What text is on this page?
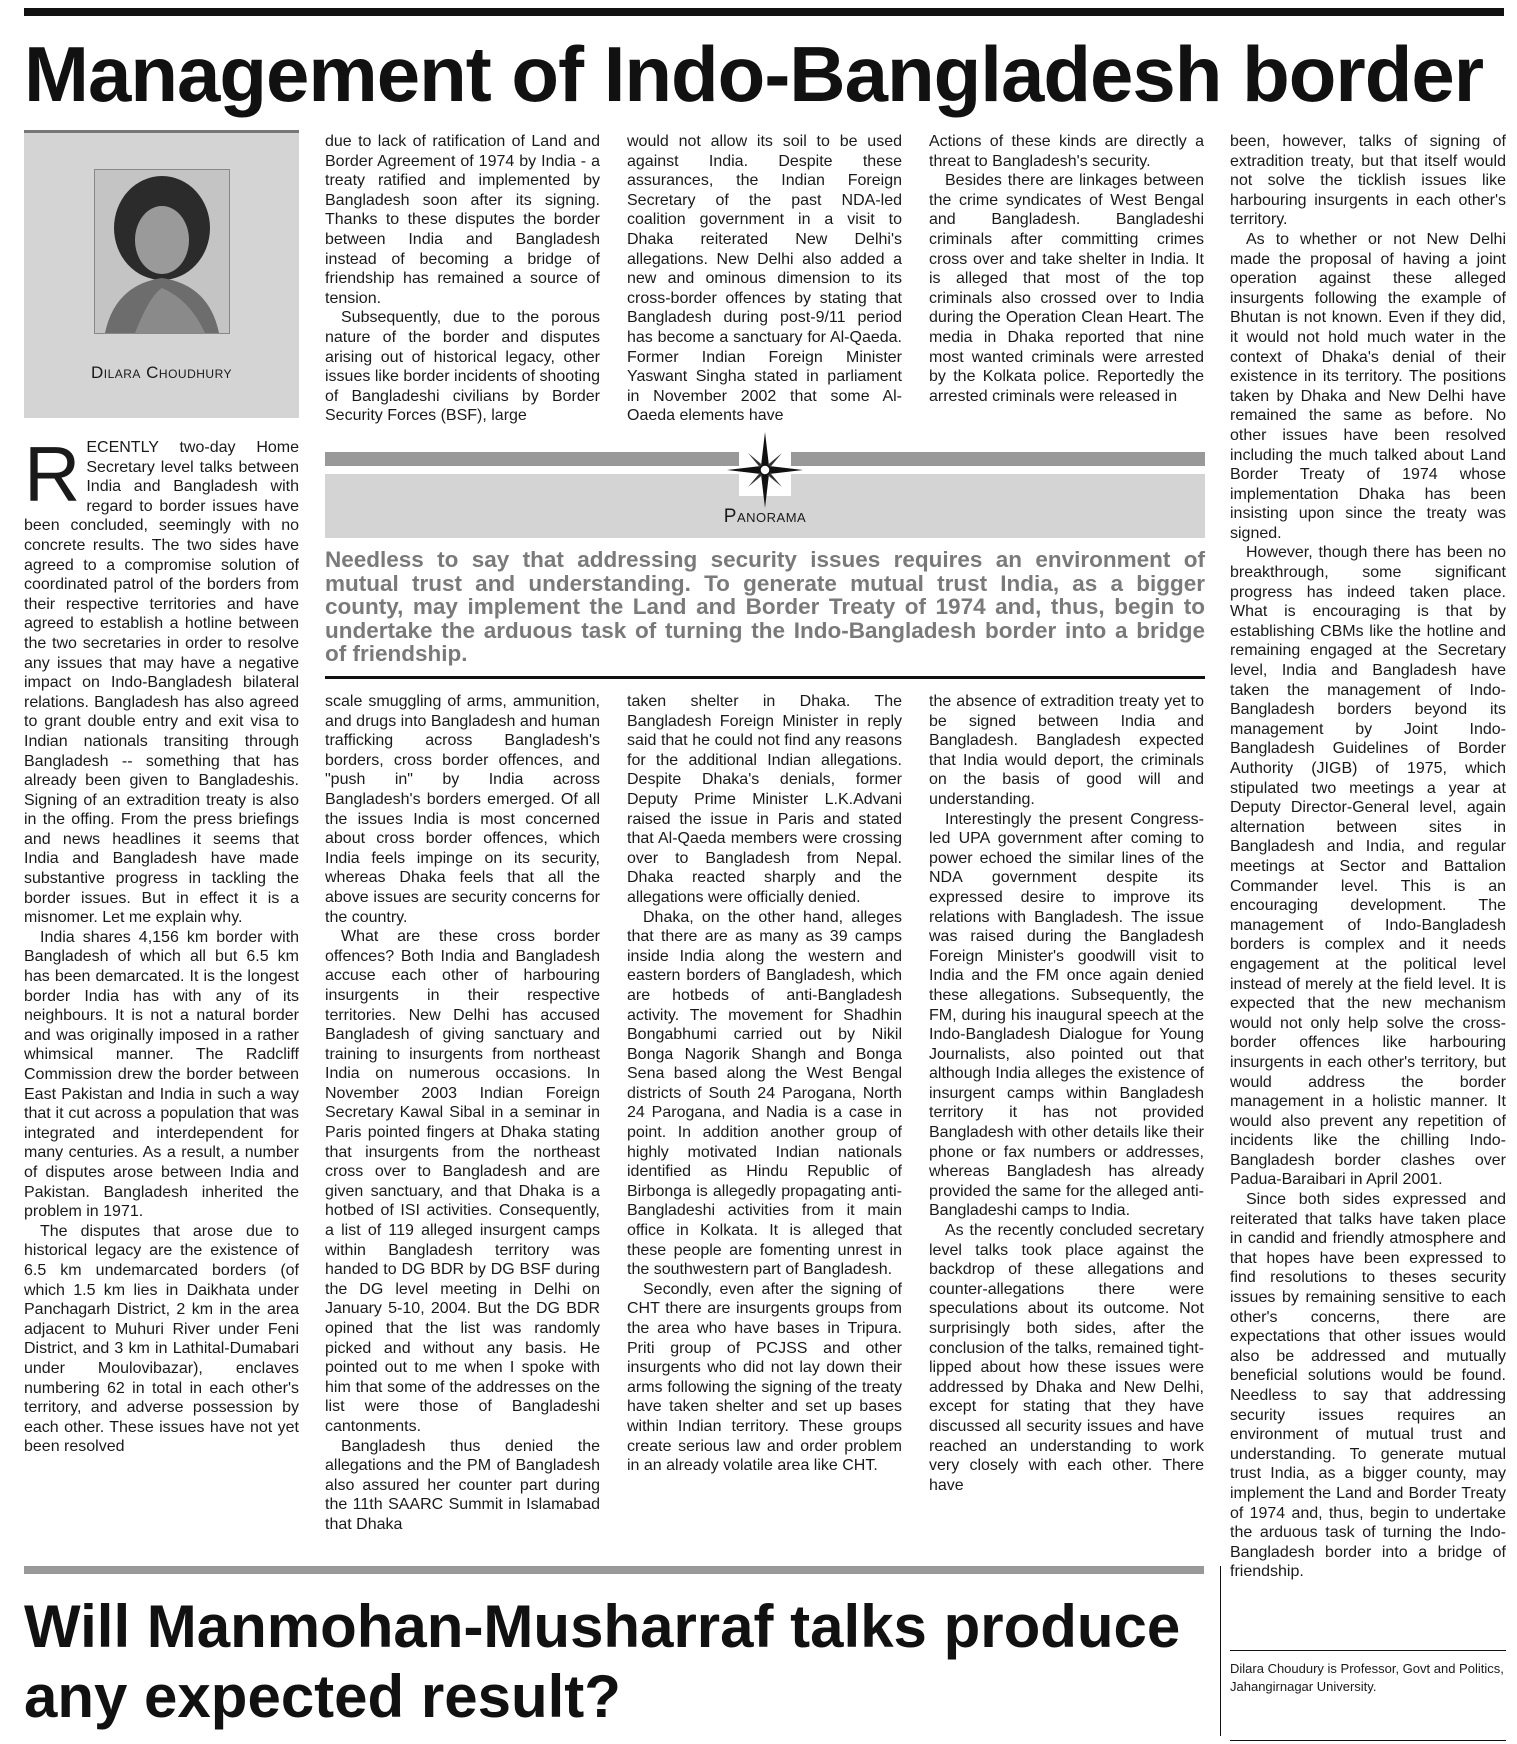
Management of Indo-Bangladesh border
Dilara Choudhury

RECENTLY two-day Home Secretary level talks between India and Bangladesh with regard to border issues have been concluded, seemingly with no concrete results. The two sides have agreed to a compromise solution of coordinated patrol of the borders from their respective territories and have agreed to establish a hotline between the two secretaries in order to resolve any issues that may have a negative impact on Indo-Bangladesh bilateral relations. Bangladesh has also agreed to grant double entry and exit visa to Indian nationals transiting through Bangladesh -- something that has already been given to Bangladeshis. Signing of an extradition treaty is also in the offing. From the press briefings and news headlines it seems that India and Bangladesh have made substantive progress in tackling the border issues. But in effect it is a misnomer. Let me explain why.

India shares 4,156 km border with Bangladesh of which all but 6.5 km has been demarcated. It is the longest border India has with any of its neighbours. It is not a natural border and was originally imposed in a rather whimsical manner. The Radcliff Commission drew the border between East Pakistan and India in such a way that it cut across a population that was integrated and interdependent for many centuries. As a result, a number of disputes arose between India and Pakistan. Bangladesh inherited the problem in 1971.

The disputes that arose due to historical legacy are the existence of 6.5 km undemarcated borders (of which 1.5 km lies in Daikhata under Panchagarh District, 2 km in the area adjacent to Muhuri River under Feni District, and 3 km in Lathital-Dumabari under Moulovibazar), enclaves numbering 62 in total in each other's territory, and adverse possession by each other. These issues have not yet been resolved

due to lack of ratification of Land and Border Agreement of 1974 by India - a treaty ratified and implemented by Bangladesh soon after its signing. Thanks to these disputes the border between India and Bangladesh instead of becoming a bridge of friendship has remained a source of tension.

Subsequently, due to the porous nature of the border and disputes arising out of historical legacy, other issues like border incidents of shooting of Bangladeshi civilians by Border Security Forces (BSF), large

would not allow its soil to be used against India. Despite these assurances, the Indian Foreign Secretary of the past NDA-led coalition government in a visit to Dhaka reiterated New Delhi's allegations. New Delhi also added a new and ominous dimension to its cross-border offences by stating that Bangladesh during post-9/11 period has become a sanctuary for Al-Qaeda. Former Indian Foreign Minister Yaswant Singha stated in parliament in November 2002 that some Al-Oaeda elements have

Actions of these kinds are directly a threat to Bangladesh's security.

Besides there are linkages between the crime syndicates of West Bengal and Bangladesh. Bangladeshi criminals after committing crimes cross over and take shelter in India. It is alleged that most of the top criminals also crossed over to India during the Operation Clean Heart. The media in Dhaka reported that nine most wanted criminals were arrested by the Kolkata police. Reportedly the arrested criminals were released in

Panorama

Needless to say that addressing security issues requires an environment of mutual trust and understanding. To generate mutual trust India, as a bigger county, may implement the Land and Border Treaty of 1974 and, thus, begin to undertake the arduous task of turning the Indo-Bangladesh border into a bridge of friendship.

scale smuggling of arms, ammunition, and drugs into Bangladesh and human trafficking across Bangladesh's borders, cross border offences, and "push in" by India across Bangladesh's borders emerged. Of all the issues India is most concerned about cross border offences, which India feels impinge on its security, whereas Dhaka feels that all the above issues are security concerns for the country.

What are these cross border offences? Both India and Bangladesh accuse each other of harbouring insurgents in their respective territories. New Delhi has accused Bangladesh of giving sanctuary and training to insurgents from northeast India on numerous occasions. In November 2003 Indian Foreign Secretary Kawal Sibal in a seminar in Paris pointed fingers at Dhaka stating that insurgents from the northeast cross over to Bangladesh and are given sanctuary, and that Dhaka is a hotbed of ISI activities. Consequently, a list of 119 alleged insurgent camps within Bangladesh territory was handed to DG BDR by DG BSF during the DG level meeting in Delhi on January 5-10, 2004. But the DG BDR opined that the list was randomly picked and without any basis. He pointed out to me when I spoke with him that some of the addresses on the list were those of Bangladeshi cantonments.

Bangladesh thus denied the allegations and the PM of Bangladesh also assured her counter part during the 11th SAARC Summit in Islamabad that Dhaka

taken shelter in Dhaka. The Bangladesh Foreign Minister in reply said that he could not find any reasons for the additional Indian allegations. Despite Dhaka's denials, former Deputy Prime Minister L.K.Advani raised the issue in Paris and stated that Al-Qaeda members were crossing over to Bangladesh from Nepal. Dhaka reacted sharply and the allegations were officially denied.

Dhaka, on the other hand, alleges that there are as many as 39 camps inside India along the western and eastern borders of Bangladesh, which are hotbeds of anti-Bangladesh activity. The movement for Shadhin Bongabhumi carried out by Nikil Bonga Nagorik Shangh and Bonga Sena based along the West Bengal districts of South 24 Parogana, North 24 Parogana, and Nadia is a case in point. In addition another group of highly motivated Indian nationals identified as Hindu Republic of Birbonga is allegedly propagating anti-Bangladeshi activities from it main office in Kolkata. It is alleged that these people are fomenting unrest in the southwestern part of Bangladesh.

Secondly, even after the signing of CHT there are insurgents groups from the area who have bases in Tripura. Priti group of PCJSS and other insurgents who did not lay down their arms following the signing of the treaty have taken shelter and set up bases within Indian territory. These groups create serious law and order problem in an already volatile area like CHT.

the absence of extradition treaty yet to be signed between India and Bangladesh. Bangladesh expected that India would deport, the criminals on the basis of good will and understanding.

Interestingly the present Congress-led UPA government after coming to power echoed the similar lines of the NDA government despite its expressed desire to improve its relations with Bangladesh. The issue was raised during the Bangladesh Foreign Minister's goodwill visit to India and the FM once again denied these allegations. Subsequently, the FM, during his inaugural speech at the Indo-Bangladesh Dialogue for Young Journalists, also pointed out that although India alleges the existence of insurgent camps within Bangladesh territory it has not provided Bangladesh with other details like their phone or fax numbers or addresses, whereas Bangladesh has already provided the same for the alleged anti-Bangladeshi camps to India.

As the recently concluded secretary level talks took place against the backdrop of these allegations and counter-allegations there were speculations about its outcome. Not surprisingly both sides, after the conclusion of the talks, remained tight-lipped about how these issues were addressed by Dhaka and New Delhi, except for stating that they have discussed all security issues and have reached an understanding to work very closely with each other. There have

been, however, talks of signing of extradition treaty, but that itself would not solve the ticklish issues like harbouring insurgents in each other's territory.

As to whether or not New Delhi made the proposal of having a joint operation against these alleged insurgents following the example of Bhutan is not known. Even if they did, it would not hold much water in the context of Dhaka's denial of their existence in its territory. The positions taken by Dhaka and New Delhi have remained the same as before. No other issues have been resolved including the much talked about Land Border Treaty of 1974 whose implementation Dhaka has been insisting upon since the treaty was signed.

However, though there has been no breakthrough, some significant progress has indeed taken place. What is encouraging is that by establishing CBMs like the hotline and remaining engaged at the Secretary level, India and Bangladesh have taken the management of Indo-Bangladesh borders beyond its management by Joint Indo-Bangladesh Guidelines of Border Authority (JIGB) of 1975, which stipulated two meetings a year at Deputy Director-General level, again alternation between sites in Bangladesh and India, and regular meetings at Sector and Battalion Commander level. This is an encouraging development. The management of Indo-Bangladesh borders is complex and it needs engagement at the political level instead of merely at the field level. It is expected that the new mechanism would not only help solve the cross-border offences like harbouring insurgents in each other's territory, but would address the border management in a holistic manner. It would also prevent any repetition of incidents like the chilling Indo-Bangladesh border clashes over Padua-Baraibari in April 2001.

Since both sides expressed and reiterated that talks have taken place in candid and friendly atmosphere and that hopes have been expressed to find resolutions to theses security issues by remaining sensitive to each other's concerns, there are expectations that other issues would also be addressed and mutually beneficial solutions would be found. Needless to say that addressing security issues requires an environment of mutual trust and understanding. To generate mutual trust India, as a bigger county, may implement the Land and Border Treaty of 1974 and, thus, begin to undertake the arduous task of turning the Indo-Bangladesh border into a bridge of friendship.

Dilara Choudury is Professor, Govt and Politics, Jahangirnagar University.

Will Manmohan-Musharraf talks produce any expected result?
